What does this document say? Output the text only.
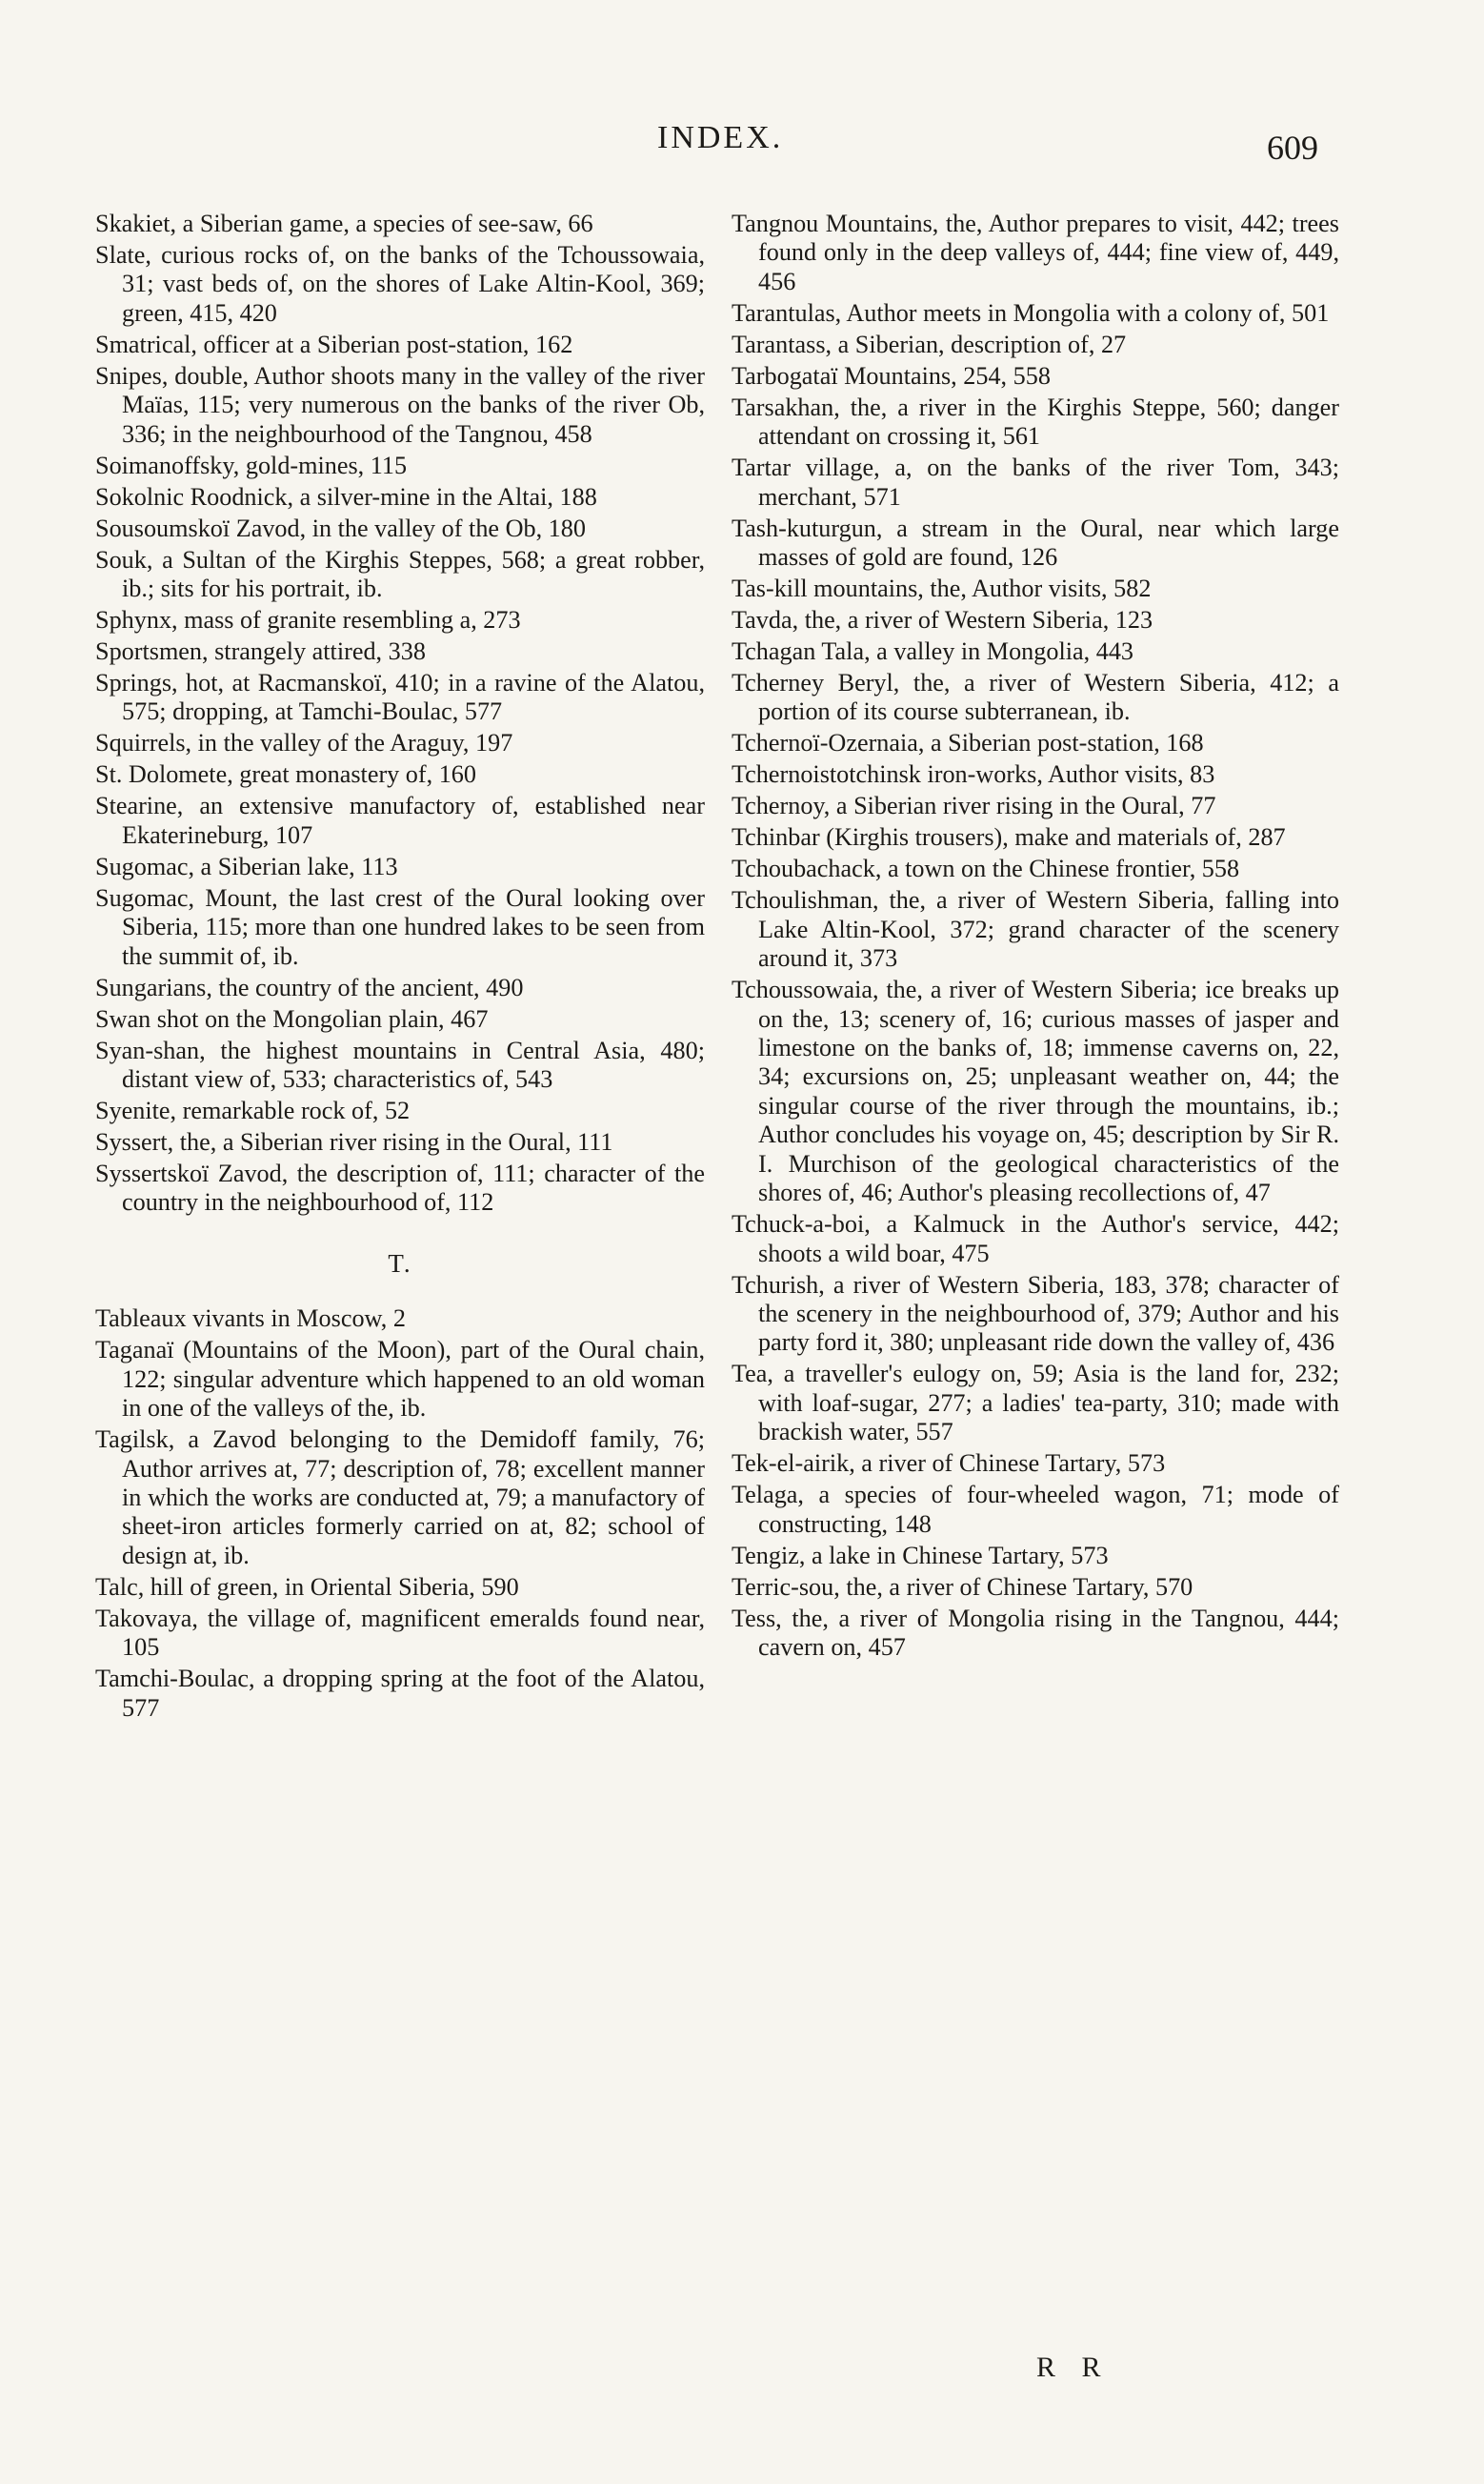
INDEX.	609

Skakiet, a Siberian game, a species of see-saw, 66

Slate, curious rocks of, on the banks of the Tchoussowaia, 31; vast beds of, on the shores of Lake Altin-Kool, 369; green, 415, 420

Smatrical, officer at a Siberian post-station, 162

Snipes, double, Author shoots many in the valley of the river Maïas, 115; very numerous on the banks of the river Ob, 336; in the neighbourhood of the Tangnou, 458

Soimanoffsky, gold-mines, 115

Sokolnic Roodnick, a silver-mine in the Altai, 188

Sousoumskoï Zavod, in the valley of the Ob, 180

Souk, a Sultan of the Kirghis Steppes, 568; a great robber, ib.; sits for his portrait, ib.

Sphynx, mass of granite resembling a, 273

Sportsmen, strangely attired, 338

Springs, hot, at Racmanskoï, 410; in a ravine of the Alatou, 575; dropping, at Tamchi-Boulac, 577

Squirrels, in the valley of the Araguy, 197

St. Dolomete, great monastery of, 160

Stearine, an extensive manufactory of, established near Ekaterineburg, 107

Sugomac, a Siberian lake, 113

Sugomac, Mount, the last crest of the Oural looking over Siberia, 115; more than one hundred lakes to be seen from the summit of, ib.

Sungarians, the country of the ancient, 490

Swan shot on the Mongolian plain, 467

Syan-shan, the highest mountains in Central Asia, 480; distant view of, 533; characteristics of, 543

Syenite, remarkable rock of, 52

Syssert, the, a Siberian river rising in the Oural, 111

Syssertskoï Zavod, the description of, 111; character of the country in the neighbourhood of, 112

T.

Tableaux vivants in Moscow, 2

Taganaï (Mountains of the Moon), part of the Oural chain, 122; singular adventure which happened to an old woman in one of the valleys of the, ib.

Tagilsk, a Zavod belonging to the Demidoff family, 76; Author arrives at, 77; description of, 78; excellent manner in which the works are conducted at, 79; a manufactory of sheet-iron articles formerly carried on at, 82; school of design at, ib.

Talc, hill of green, in Oriental Siberia, 590

Takovaya, the village of, magnificent emeralds found near, 105

Tamchi-Boulac, a dropping spring at the foot of the Alatou, 577

Tangnou Mountains, the, Author prepares to visit, 442; trees found only in the deep valleys of, 444; fine view of, 449, 456

Tarantulas, Author meets in Mongolia with a colony of, 501

Tarantass, a Siberian, description of, 27

Tarbogataï Mountains, 254, 558

Tarsakhan, the, a river in the Kirghis Steppe, 560; danger attendant on crossing it, 561

Tartar village, a, on the banks of the river Tom, 343; merchant, 571

Tash-kuturgun, a stream in the Oural, near which large masses of gold are found, 126

Tas-kill mountains, the, Author visits, 582

Tavda, the, a river of Western Siberia, 123

Tchagan Tala, a valley in Mongolia, 443

Tcherney Beryl, the, a river of Western Siberia, 412; a portion of its course subterranean, ib.

Tchernoï-Ozernaia, a Siberian post-station, 168

Tchernoistotchinsk iron-works, Author visits, 83

Tchernoy, a Siberian river rising in the Oural, 77

Tchinbar (Kirghis trousers), make and materials of, 287

Tchoubachack, a town on the Chinese frontier, 558

Tchoulishman, the, a river of Western Siberia, falling into Lake Altin-Kool, 372; grand character of the scenery around it, 373

Tchoussowaia, the, a river of Western Siberia; ice breaks up on the, 13; scenery of, 16; curious masses of jasper and limestone on the banks of, 18; immense caverns on, 22, 34; excursions on, 25; unpleasant weather on, 44; the singular course of the river through the mountains, ib.; Author concludes his voyage on, 45; description by Sir R. I. Murchison of the geological characteristics of the shores of, 46; Author's pleasing recollections of, 47

Tchuck-a-boi, a Kalmuck in the Author's service, 442; shoots a wild boar, 475

Tchurish, a river of Western Siberia, 183, 378; character of the scenery in the neighbourhood of, 379; Author and his party ford it, 380; unpleasant ride down the valley of, 436

Tea, a traveller's eulogy on, 59; Asia is the land for, 232; with loaf-sugar, 277; a ladies' tea-party, 310; made with brackish water, 557

Tek-el-airik, a river of Chinese Tartary, 573

Telaga, a species of four-wheeled wagon, 71; mode of constructing, 148

Tengiz, a lake in Chinese Tartary, 573

Terric-sou, the, a river of Chinese Tartary, 570

Tess, the, a river of Mongolia rising in the Tangnou, 444; cavern on, 457

R R
